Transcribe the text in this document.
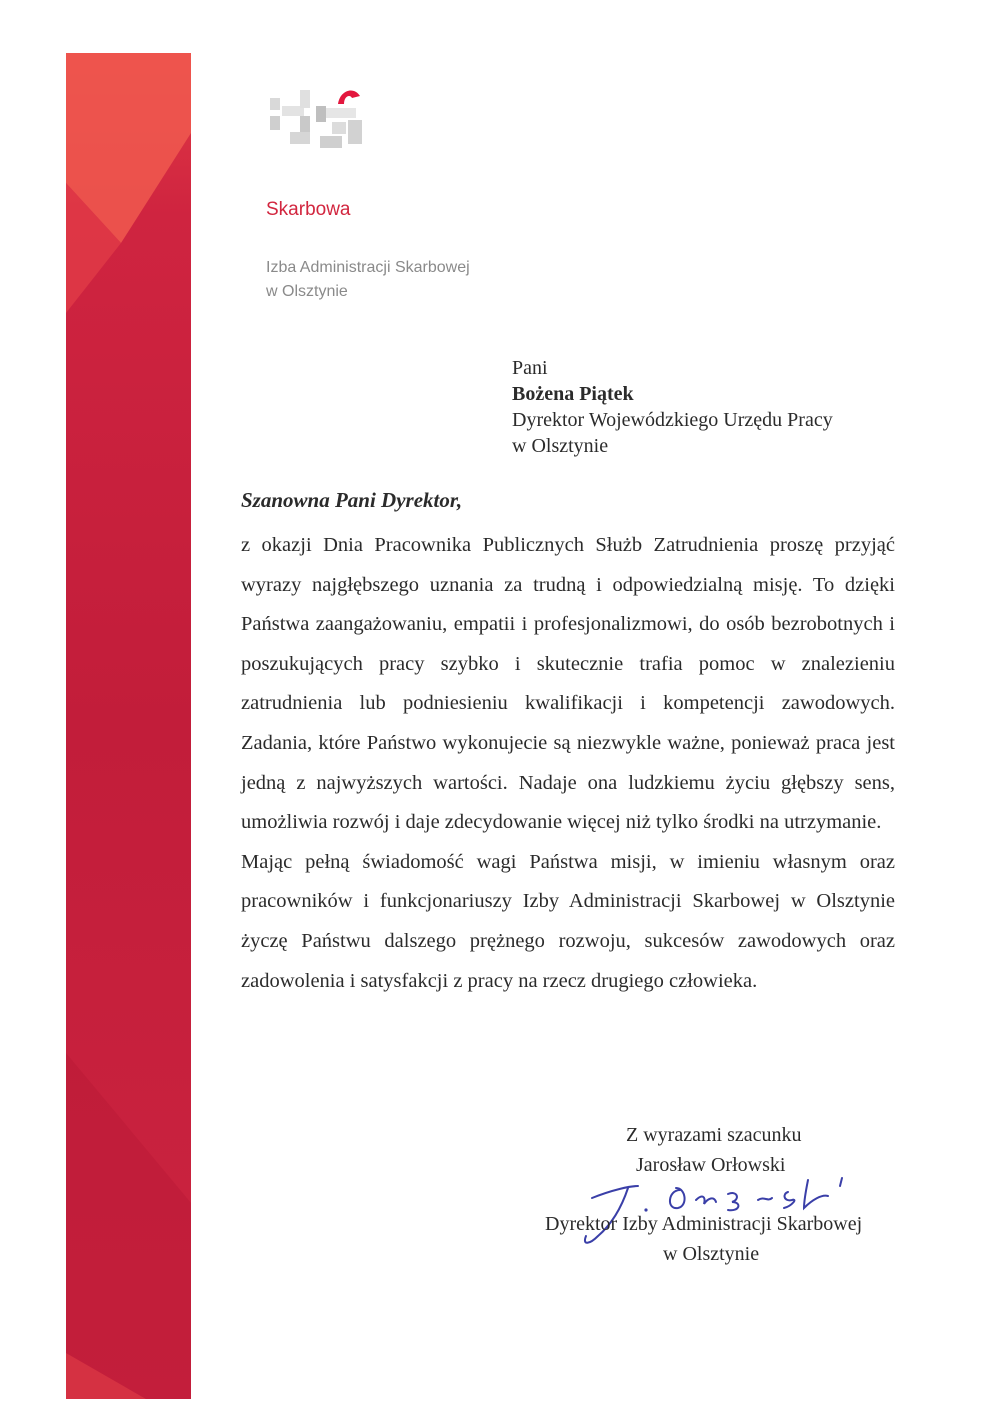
Skarbowa
Izba Administracji Skarbowej
w Olsztynie
Pani
Bożena Piątek
Dyrektor Wojewódzkiego Urzędu Pracy
w Olsztynie
Szanowna Pani Dyrektor,

z okazji Dnia Pracownika Publicznych Służb Zatrudnienia proszę przyjąć wyrazy najgłębszego uznania za trudną i odpowiedzialną misję. To dzięki Państwa zaangażowaniu, empatii i profesjonalizmowi, do osób bezrobotnych i poszukujących pracy szybko i skutecznie trafia pomoc w znalezieniu zatrudnienia lub podniesieniu kwalifikacji i kompetencji zawodowych. Zadania, które Państwo wykonujecie są niezwykle ważne, ponieważ praca jest jedną z najwyższych wartości. Nadaje ona ludzkiemu życiu głębszy sens, umożliwia rozwój i daje zdecydowanie więcej niż tylko środki na utrzymanie.

Mając pełną świadomość wagi Państwa misji, w imieniu własnym oraz pracowników i funkcjonariuszy Izby Administracji Skarbowej w Olsztynie życzę Państwu dalszego prężnego rozwoju, sukcesów zawodowych oraz zadowolenia i satysfakcji z pracy na rzecz drugiego człowieka.

Z wyrazami szacunku
Jarosław Orłowski
Dyrektor Izby Administracji Skarbowej
w Olsztynie
